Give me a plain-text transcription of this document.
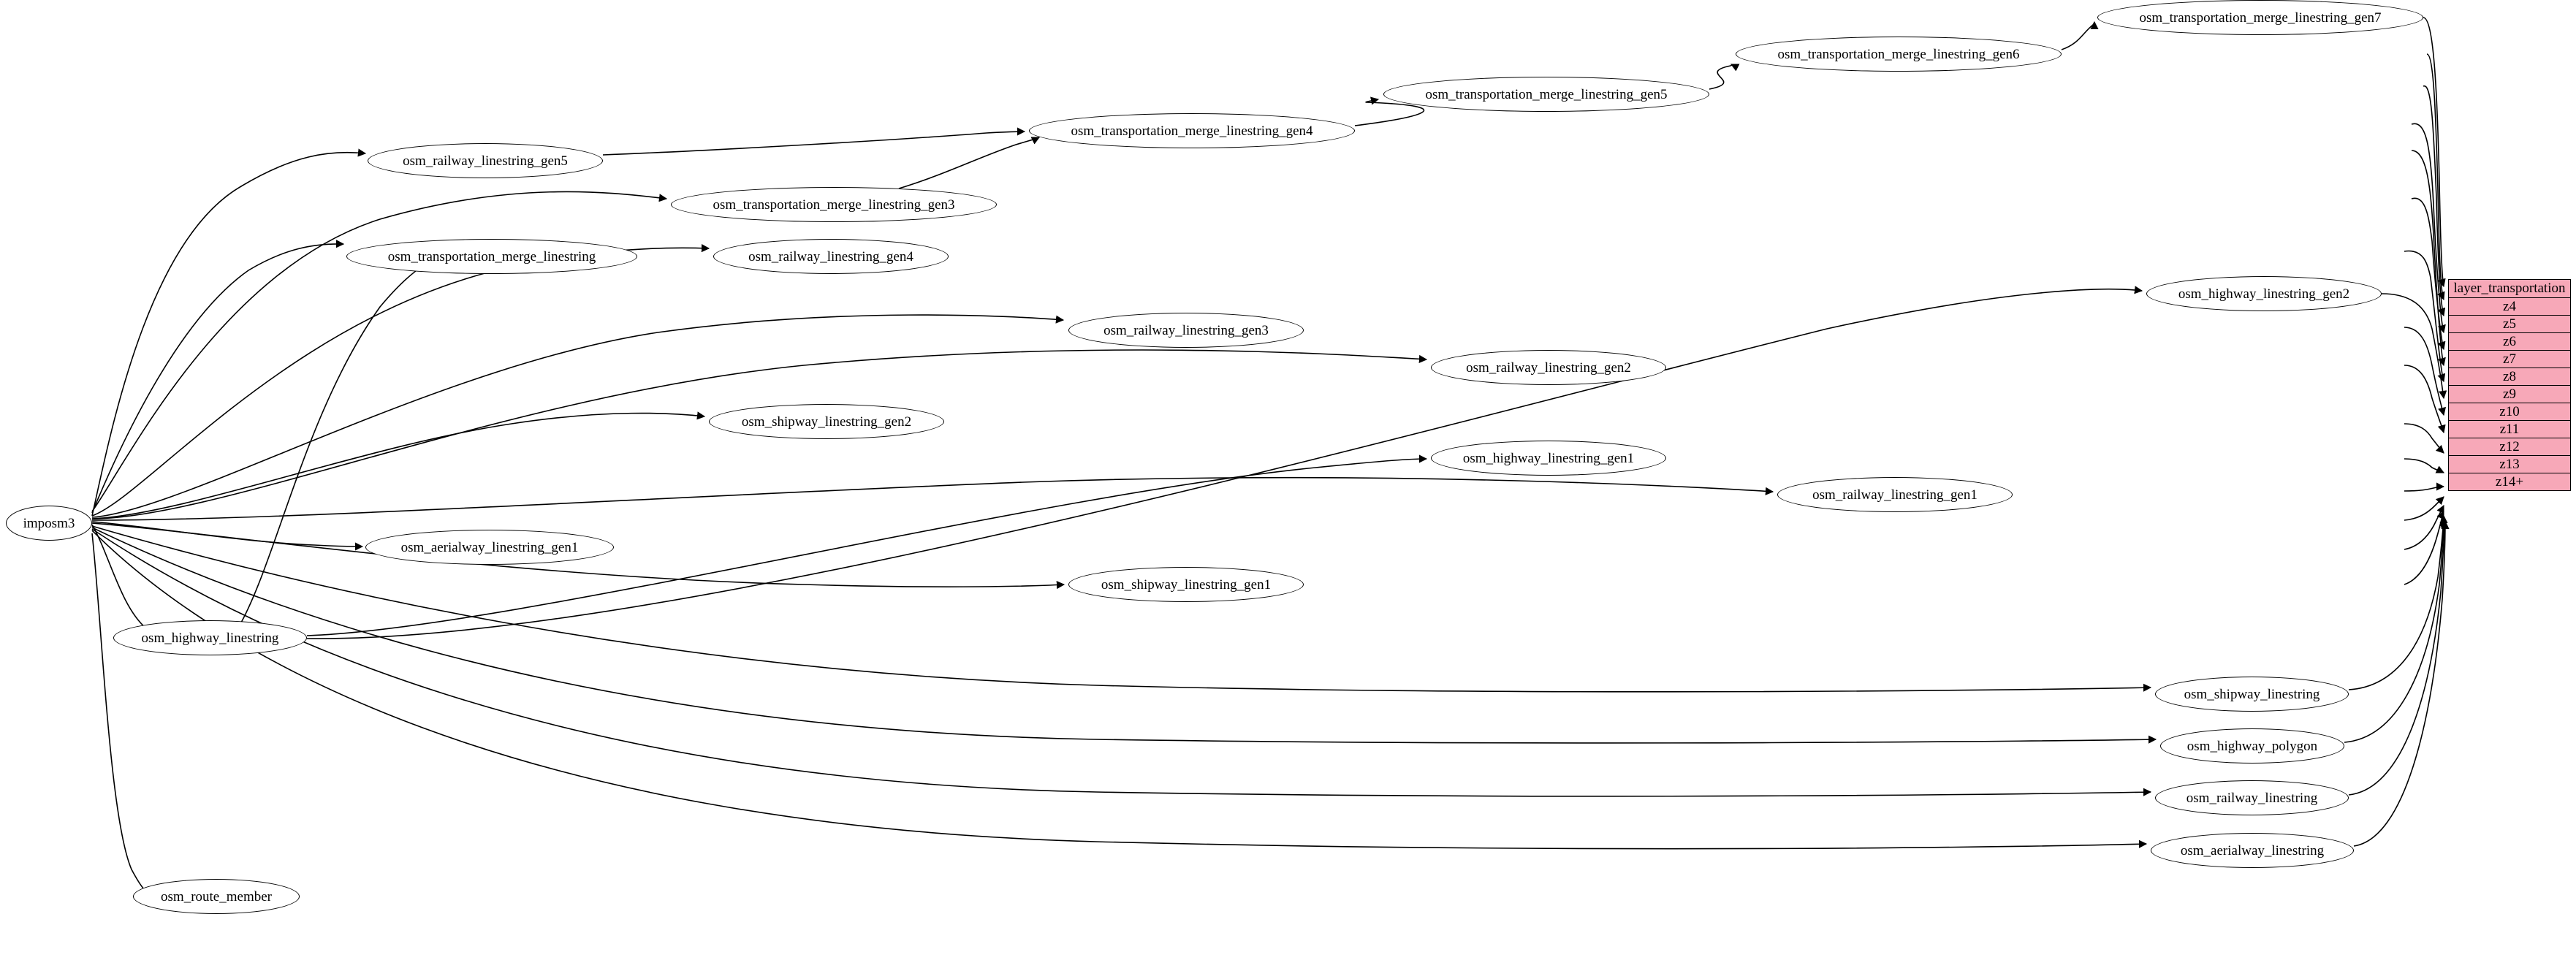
imposm3
osm_railway_linestring_gen5
osm_transportation_merge_linestring_gen7
osm_transportation_merge_linestring_gen6
osm_transportation_merge_linestring_gen5
osm_transportation_merge_linestring_gen4
osm_transportation_merge_linestring_gen3
osm_transportation_merge_linestring	osm_railway_linestring_gen4
osm_highway_linestring_gen2
osm_railway_linestring_gen3
osm_railway_linestring_gen2
osm_shipway_linestring_gen2
osm_highway_linestring_gen1
osm_railway_linestring_gen1
osm_aerialway_linestring_gen1
osm_shipway_linestring_gen1
osm_highway_linestring
osm_shipway_linestring
osm_highway_polygon
osm_railway_linestring
osm_aerialway_linestring
osm_route_member
layer_transportation
z4
z5
z6
z7
z8
z9
z10
z11
z12
z13
z14+
